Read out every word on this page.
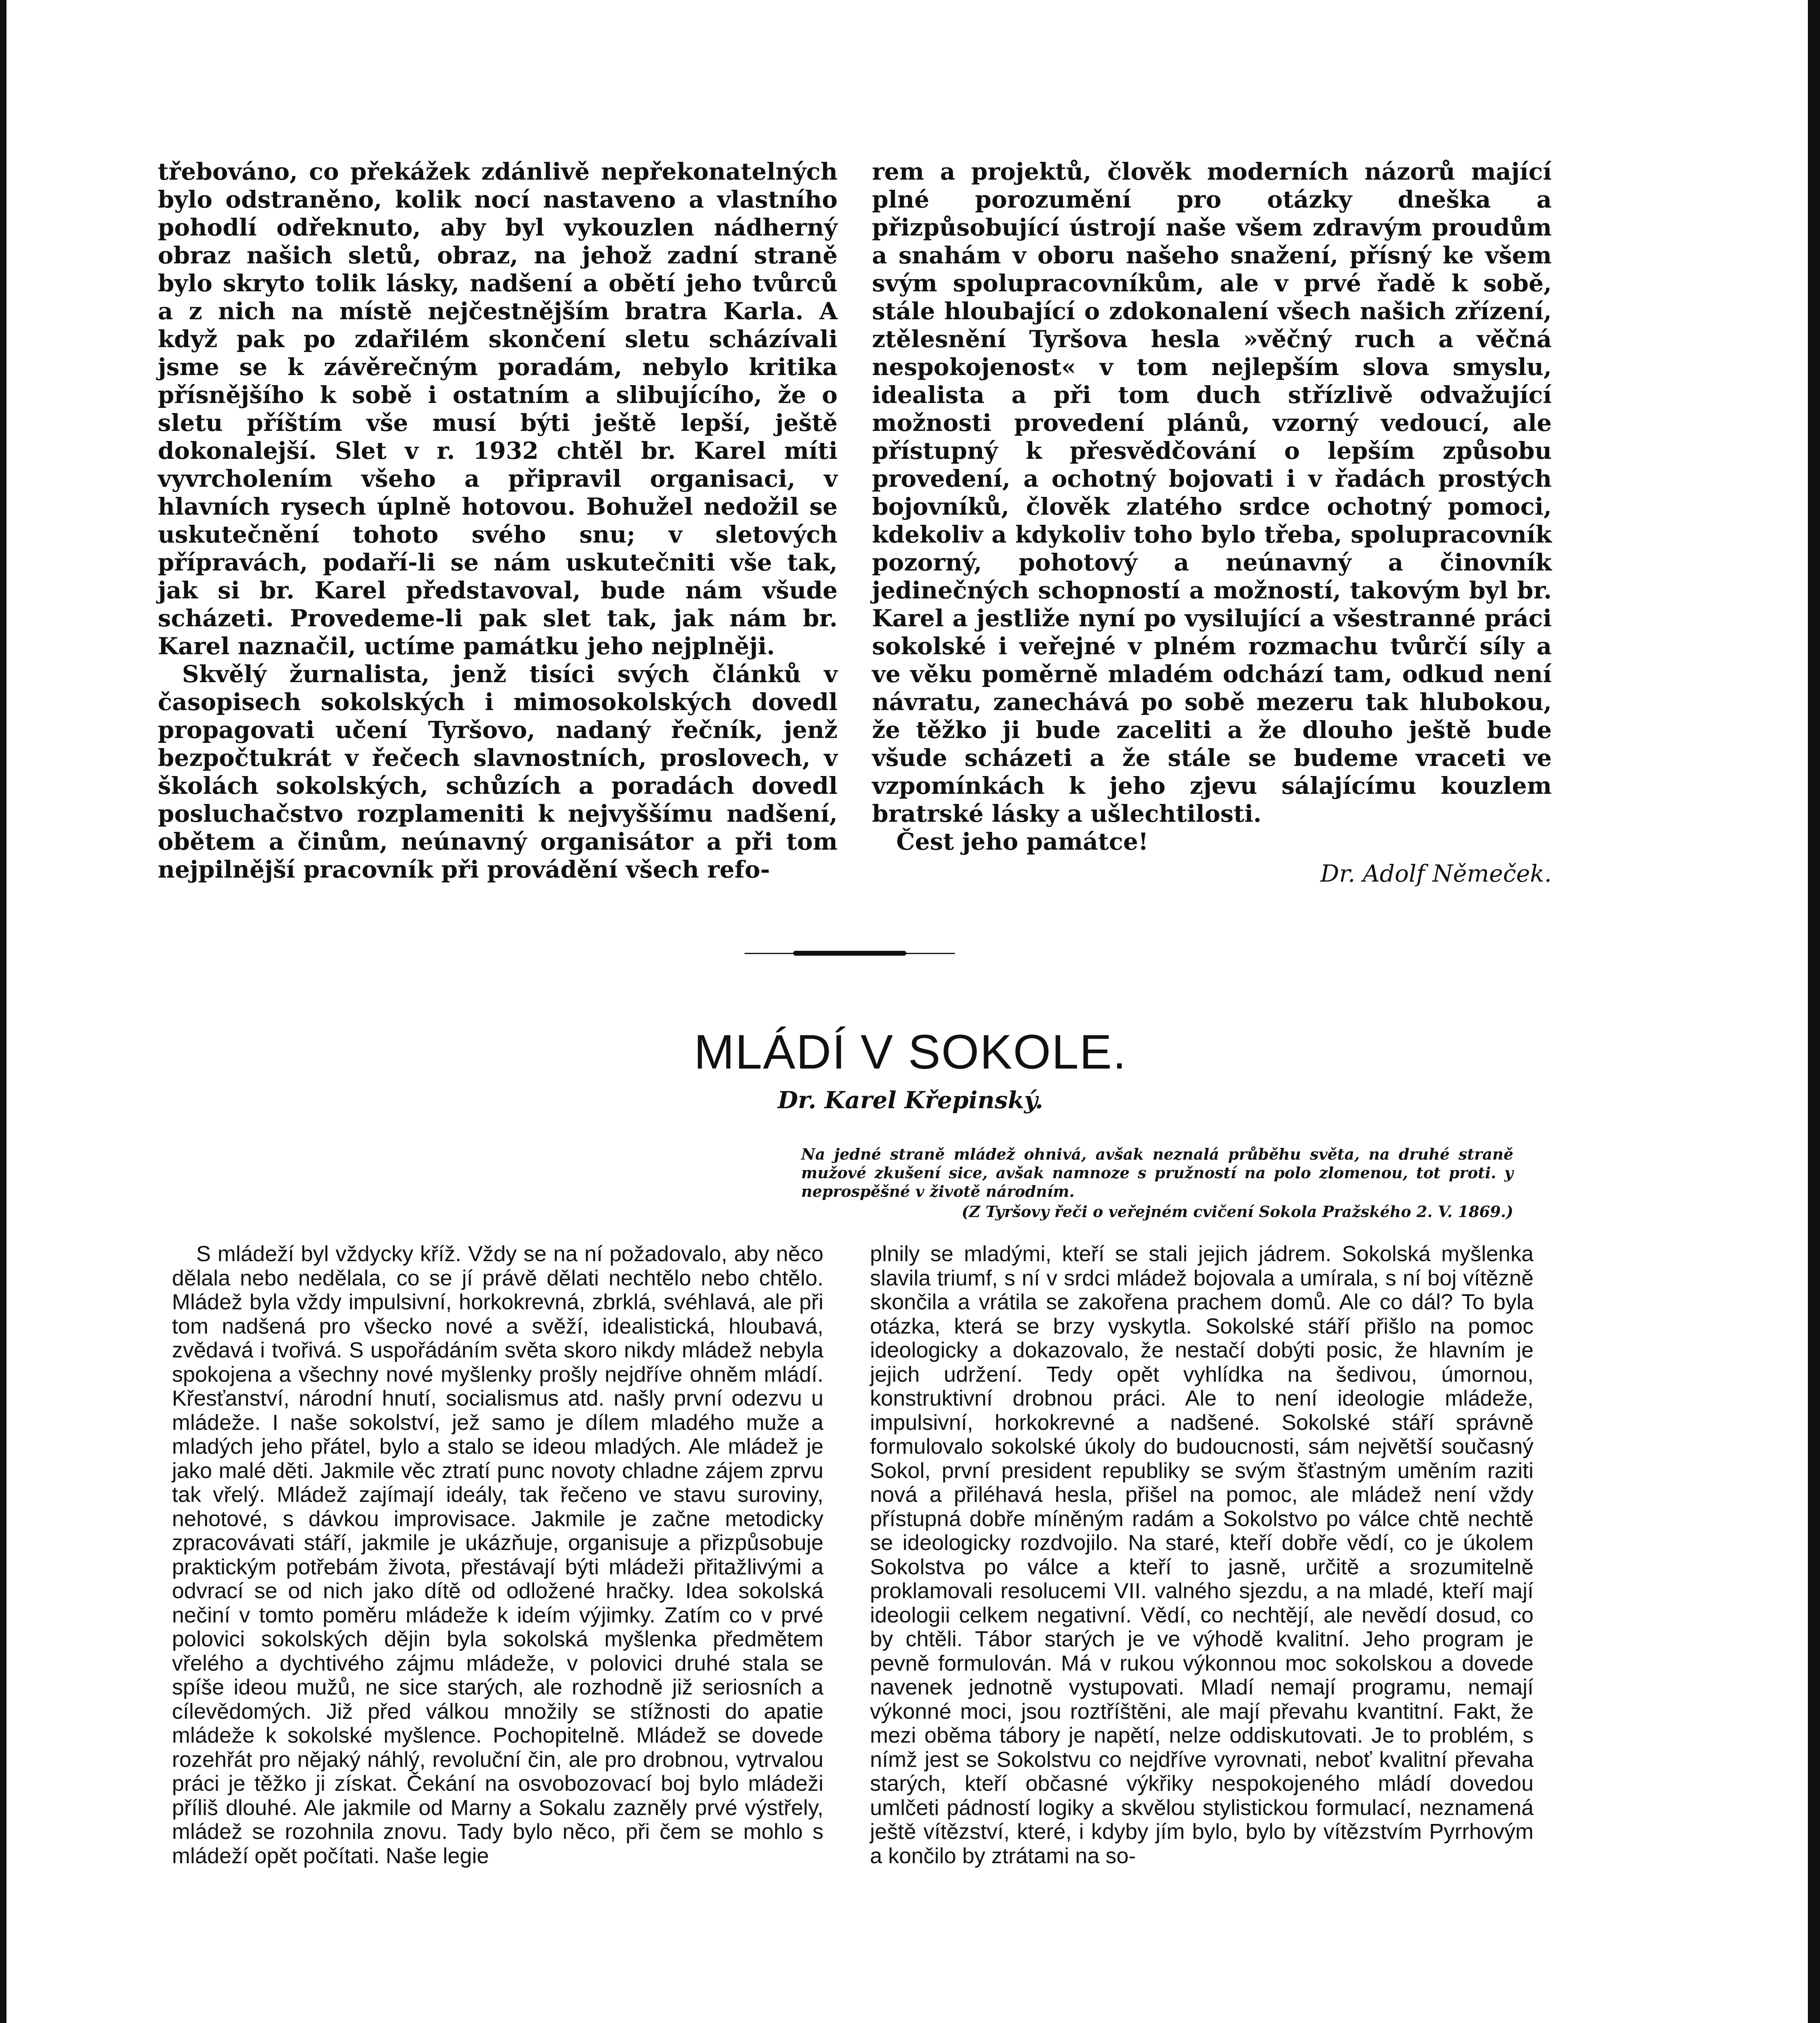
třebováno, co překážek zdánlivě nepřekonatelných bylo odstraněno, kolik nocí nastaveno a vlastního pohodlí odřeknuto, aby byl vykouzlen nádherný obraz našich sletů, obraz, na jehož zadní straně bylo skryto tolik lásky, nadšení a obětí jeho tvůrců a z nich na místě nejčestnějším bratra Karla. A když pak po zdařilém skončení sletu scházívali jsme se k závěrečným poradám, nebylo kritika přísnějšího k sobě i ostatním a slibujícího, že o sletu příštím vše musí býti ještě lepší, ještě dokonalejší. Slet v r. 1932 chtěl br. Karel míti vyvrcholením všeho a připravil organisaci, v hlavních rysech úplně hotovou. Bohužel nedožil se uskutečnění tohoto svého snu; v sletových přípravách, podaří-li se nám uskutečniti vše tak, jak si br. Karel představoval, bude nám všude scházeti. Provedeme-li pak slet tak, jak nám br. Karel naznačil, uctíme památku jeho nejplněji.

Skvělý žurnalista, jenž tisíci svých článků v časopisech sokolských i mimosokolských dovedl propagovati učení Tyršovo, nadaný řečník, jenž bezpočtukrát v řečech slavnostních, proslovech, v školách sokolských, schůzích a poradách dovedl posluchačstvo rozplameniti k nejvyššímu nadšení, obětem a činům, neúnavný organisátor a při tom nejpilnější pracovník při provádění všech refo-

rem a projektů, člověk moderních názorů mající plné porozumění pro otázky dneška a přizpůsobující ústrojí naše všem zdravým proudům a snahám v oboru našeho snažení, přísný ke všem svým spolupracovníkům, ale v prvé řadě k sobě, stále hloubající o zdokonalení všech našich zřízení, ztělesnění Tyršova hesla »věčný ruch a věčná nespokojenost« v tom nejlepším slova smyslu, idealista a při tom duch střízlivě odvažující možnosti provedení plánů, vzorný vedoucí, ale přístupný k přesvědčování o lepším způsobu provedení, a ochotný bojovati i v řadách prostých bojovníků, člověk zlatého srdce ochotný pomoci, kdekoliv a kdykoliv toho bylo třeba, spolupracovník pozorný, pohotový a neúnavný a činovník jedinečných schopností a možností, takovým byl br. Karel a jestliže nyní po vysilující a všestranné práci sokolské i veřejné v plném rozmachu tvůrčí síly a ve věku poměrně mladém odchází tam, odkud není návratu, zanechává po sobě mezeru tak hlubokou, že těžko ji bude zaceliti a že dlouho ještě bude všude scházeti a že stále se budeme vraceti ve vzpomínkách k jeho zjevu sálajícímu kouzlem bratrské lásky a ušlechtilosti.

Čest jeho památce!

Dr. Adolf Němeček.

MLÁDÍ V SOKOLE.
Dr. Karel Křepinský.
Na jedné straně mládež ohnivá, avšak neznalá průběhu světa, na druhé straně mužové zkušení sice, avšak namnoze s pružností na polo zlomenou, tot proti. y neprospěšné v životě národním.
(Z Tyršovy řeči o veřejném cvičení Sokola Pražského 2. V. 1869.)

S mládeží byl vždycky kříž. Vždy se na ní požadovalo, aby něco dělala nebo nedělala, co se jí právě dělati nechtělo nebo chtělo. Mládež byla vždy impulsivní, horkokrevná, zbrklá, svéhlavá, ale při tom nadšená pro všecko nové a svěží, idealistická, hloubavá, zvědavá i tvořivá. S uspořádáním světa skoro nikdy mládež nebyla spokojena a všechny nové myšlenky prošly nejdříve ohněm mládí. Křesťanství, národní hnutí, socialismus atd. našly první odezvu u mládeže. I naše sokolství, jež samo je dílem mladého muže a mladých jeho přátel, bylo a stalo se ideou mladých. Ale mládež je jako malé děti. Jakmile věc ztratí punc novoty chladne zájem zprvu tak vřelý. Mládež zajímají ideály, tak řečeno ve stavu suroviny, nehotové, s dávkou improvisace. Jakmile je začne metodicky zpracovávati stáří, jakmile je ukázňuje, organisuje a přizpůsobuje praktickým potřebám života, přestávají býti mládeži přitažlivými a odvrací se od nich jako dítě od odložené hračky. Idea sokolská nečiní v tomto poměru mládeže k ideím výjimky. Zatím co v prvé polovici sokolských dějin byla sokolská myšlenka předmětem vřelého a dychtivého zájmu mládeže, v polovici druhé stala se spíše ideou mužů, ne sice starých, ale rozhodně již seriosních a cílevědomých. Již před válkou množily se stížnosti do apatie mládeže k sokolské myšlence. Pochopitelně. Mládež se dovede rozehřát pro nějaký náhlý, revoluční čin, ale pro drobnou, vytrvalou práci je těžko ji získat. Čekání na osvobozovací boj bylo mládeži příliš dlouhé. Ale jakmile od Marny a Sokalu zazněly prvé výstřely, mládež se rozohnila znovu. Tady bylo něco, při čem se mohlo s mládeží opět počítati. Naše legie

plnily se mladými, kteří se stali jejich jádrem. Sokolská myšlenka slavila triumf, s ní v srdci mládež bojovala a umírala, s ní boj vítězně skončila a vrátila se zakořena prachem domů. Ale co dál? To byla otázka, která se brzy vyskytla. Sokolské stáří přišlo na pomoc ideologicky a dokazovalo, že nestačí dobýti posic, že hlavním je jejich udržení. Tedy opět vyhlídka na šedivou, úmornou, konstruktivní drobnou práci. Ale to není ideologie mládeže, impulsivní, horkokrevné a nadšené. Sokolské stáří správně formulovalo sokolské úkoly do budoucnosti, sám největší současný Sokol, první president republiky se svým šťastným uměním raziti nová a přiléhavá hesla, přišel na pomoc, ale mládež není vždy přístupná dobře míněným radám a Sokolstvo po válce chtě nechtě se ideologicky rozdvojilo. Na staré, kteří dobře vědí, co je úkolem Sokolstva po válce a kteří to jasně, určitě a srozumitelně proklamovali resolucemi VII. valného sjezdu, a na mladé, kteří mají ideologii celkem negativní. Vědí, co nechtějí, ale nevědí dosud, co by chtěli. Tábor starých je ve výhodě kvalitní. Jeho program je pevně formulován. Má v rukou výkonnou moc sokolskou a dovede navenek jednotně vystupovati. Mladí nemají programu, nemají výkonné moci, jsou roztříštěni, ale mají převahu kvantitní. Fakt, že mezi oběma tábory je napětí, nelze oddiskutovati. Je to problém, s nímž jest se Sokolstvu co nejdříve vyrovnati, neboť kvalitní převaha starých, kteří občasné výkřiky nespokojeného mládí dovedou umlčeti pádností logiky a skvělou stylistickou formulací, neznamená ještě vítězství, které, i kdyby jím bylo, bylo by vítězstvím Pyrrhovým a končilo by ztrátami na so-
